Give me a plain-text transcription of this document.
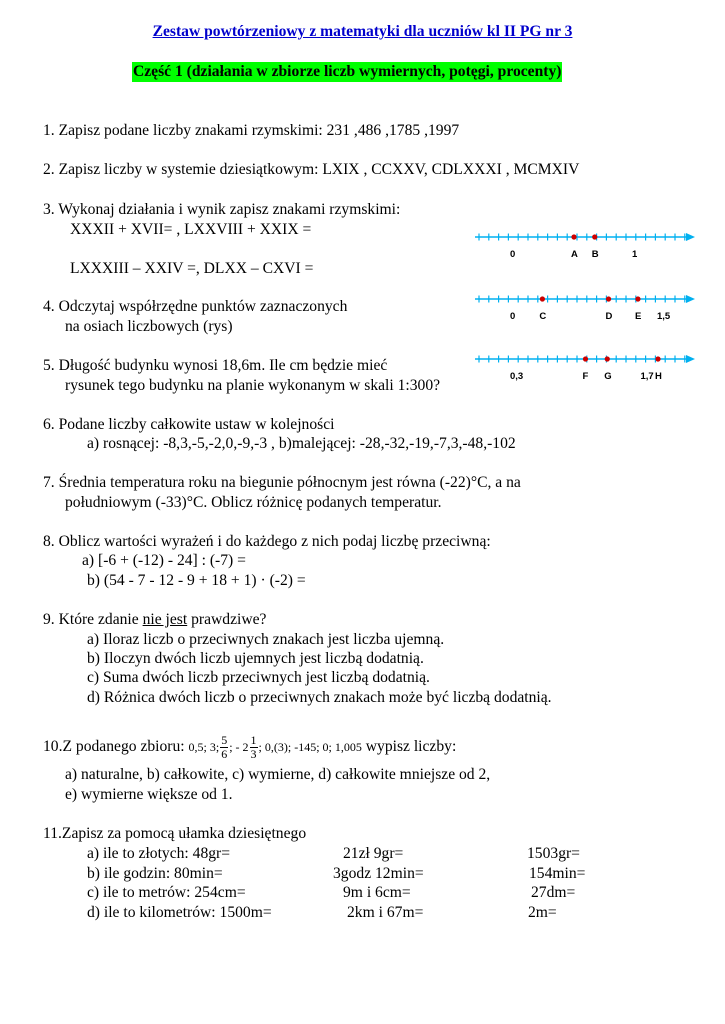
Zestaw powtórzeniowy z matematyki dla uczniów kl II PG nr 3
Część 1 (działania w zbiorze liczb wymiernych, potęgi, procenty)
1. Zapisz podane liczby znakami rzymskimi: 231 ,486 ,1785 ,1997
2. Zapisz liczby w systemie dziesiątkowym: LXIX , CCXXV, CDLXXXI , MCMXIV
3. Wykonaj działania i wynik zapisz znakami rzymskimi:
XXXII + XVII= , LXXVIII + XXIX =
LXXXIII – XXIV =, DLXX – CXVI =
4. Odczytaj współrzędne punktów zaznaczonych
na osiach liczbowych (rys)
5. Długość budynku wynosi 18,6m. Ile cm będzie mieć
rysunek tego budynku na planie wykonanym w skali 1:300?
6. Podane liczby całkowite ustaw w kolejności
a) rosnącej: -8,3,-5,-2,0,-9,-3 , b)malejącej: -28,-32,-19,-7,3,-48,-102
7. Średnia temperatura roku na biegunie północnym jest równa (-22)°C, a na
południowym (-33)°C. Oblicz różnicę podanych temperatur.
8. Oblicz wartości wyrażeń i do każdego z nich podaj liczbę przeciwną:
a) [-6 + (-12) - 24] : (-7) =
b) (54 - 7 - 12 - 9 + 18 + 1) · (-2) =
9. Które zdanie nie jest prawdziwe?
a) Iloraz liczb o przeciwnych znakach jest liczba ujemną.
b) Iloczyn dwóch liczb ujemnych jest liczbą dodatnią.
c) Suma dwóch liczb przeciwnych jest liczbą dodatnią.
d) Różnica dwóch liczb o przeciwnych znakach może być liczbą dodatnią.
10.Z podanego zbioru: 0,5; 3; $\frac{5}{6}$ ; - $2 \frac{1}{3}$ ; 0,(3); -145; 0; 1,005 wypisz liczby:
a) naturalne, b) całkowite, c) wymierne, d) całkowite mniejsze od 2,
e) wymierne większe od 1.
11.Zapisz za pomocą ułamka dziesiętnego
a) ile to złotych: 48gr=	21zł 9gr=	1503gr=
b) ile godzin: 80min=	3godz 12min=	154min=
c) ile to metrów: 254cm=	9m i 6cm=	27dm=
d) ile to kilometrów: 1500m=	2km i 67m=	2m=
0	A B	1
0	C	D E 1,5
0,3	F G	1,7 H
